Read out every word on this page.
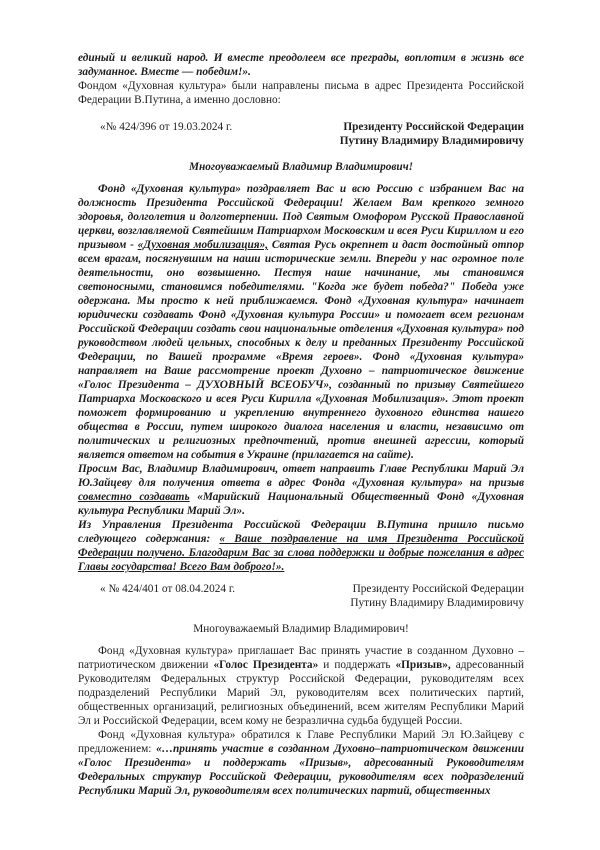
единый и великий народ. И вместе преодолеем все преграды, воплотим в жизнь все задуманное. Вместе — победим!».

Фондом «Духовная культура» были направлены письма в адрес Президента Российской Федерации В.Путина, а именно дословно:

«№ 424/396 от 19.03.2024 г.	Президенту Российской Федерации
Путину Владимиру Владимировичу

Многоуважаемый Владимир Владимирович!

Фонд «Духовная культура» поздравляет Вас и всю Россию с избранием Вас на должность Президента Российской Федерации! Желаем Вам крепкого земного здоровья, долголетия и долготерпении. Под Святым Омофором Русской Православной церкви, возглавляемой Святейшим Патриархом Московским и всея Руси Кириллом и его призывом - «Духовная мобилизация», Святая Русь окрепнет и даст достойный отпор всем врагам, посягнувшим на наши исторические земли. Впереди у нас огромное поле деятельности, оно возвышенно. Пестуя наше начинание, мы становимся светоносными, становимся победителями. "Когда же будет победа?" Победа уже одержана. Мы просто к ней приближаемся. Фонд «Духовная культура» начинает юридически создавать Фонд «Духовная культура России» и помогает всем регионам Российской Федерации создать свои национальные отделения «Духовная культура» под руководством людей цельных, способных к делу и преданных Президенту Российской Федерации, по Вашей программе «Время героев». Фонд «Духовная культура» направляет на Ваше рассмотрение проект Духовно – патриотическое движение «Голос Президента – ДУХОВНЫЙ ВСЕОБУЧ», созданный по призыву Святейшего Патриарха Московского и всея Руси Кирилла «Духовная Мобилизация». Этот проект поможет формированию и укреплению внутреннего духовного единства нашего общества в России, путем широкого диалога населения и власти, независимо от политических и религиозных предпочтений, против внешней агрессии, который является ответом на события в Украине (прилагается на сайте).

Просим Вас, Владимир Владимирович, ответ направить Главе Республики Марий Эл Ю.Зайцеву для получения ответа в адрес Фонда «Духовная культура» на призыв совместно создавать «Марийский Национальный Общественный Фонд «Духовная культура Республики Марий Эл».

Из Управления Президента Российской Федерации В.Путина пришло письмо следующего содержания: « Ваше поздравление на имя Президента Российской Федерации получено. Благодарим Вас за слова поддержки и добрые пожелания в адрес Главы государства! Всего Вам доброго!».

« № 424/401 от 08.04.2024 г.	Президенту Российской Федерации
Путину Владимиру Владимировичу

Многоуважаемый Владимир Владимирович!

Фонд «Духовная культура» приглашает Вас принять участие в созданном Духовно – патриотическом движении «Голос Президента» и поддержать «Призыв», адресованный Руководителям Федеральных структур Российской Федерации, руководителям всех подразделений Республики Марий Эл, руководителям всех политических партий, общественных организаций, религиозных объединений, всем жителям Республики Марий Эл и Российской Федерации, всем кому не безразлична судьба будущей России.

Фонд «Духовная культура» обратился к Главе Республики Марий Эл Ю.Зайцеву с предложением: «…принять участие в созданном Духовно–патриотическом движении «Голос Президента» и поддержать «Призыв», адресованный Руководителям Федеральных структур Российской Федерации, руководителям всех подразделений Республики Марий Эл, руководителям всех политических партий, общественных
